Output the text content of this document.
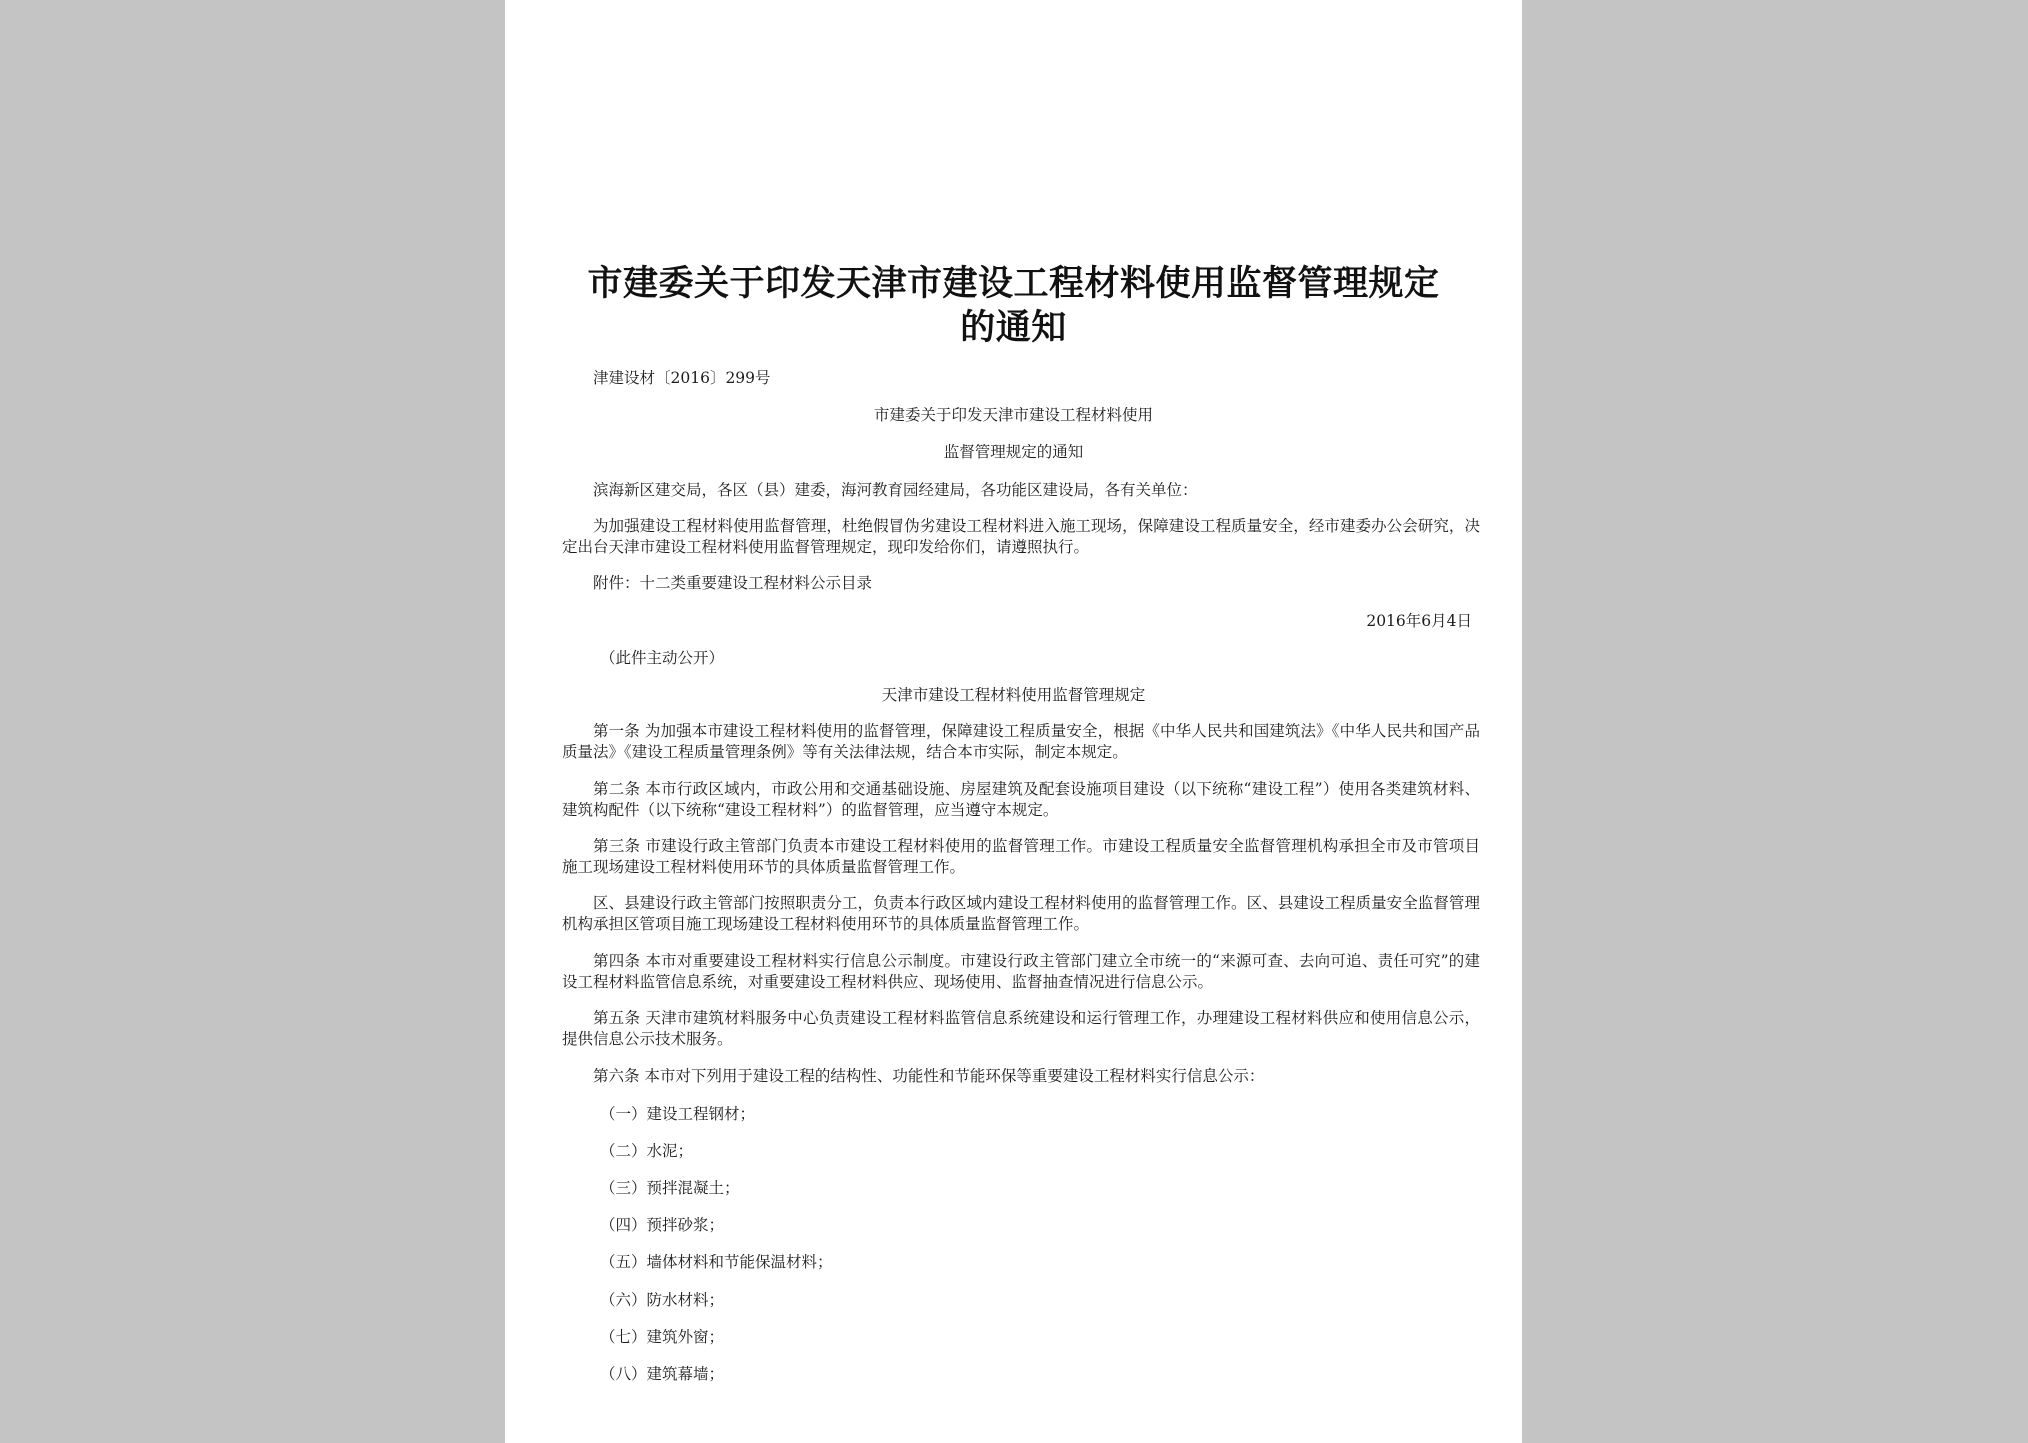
市建委关于印发天津市建设工程材料使用监督管理规定
的通知

津建设材〔2016〕299号

市建委关于印发天津市建设工程材料使用

监督管理规定的通知

滨海新区建交局，各区（县）建委，海河教育园经建局，各功能区建设局，各有关单位：

为加强建设工程材料使用监督管理，杜绝假冒伪劣建设工程材料进入施工现场，保障建设工程质量安全，经市建委办公会研究，决定出台天津市建设工程材料使用监督管理规定，现印发给你们，请遵照执行。

附件：十二类重要建设工程材料公示目录

2016年6月4日

（此件主动公开）

天津市建设工程材料使用监督管理规定

第一条 为加强本市建设工程材料使用的监督管理，保障建设工程质量安全，根据《中华人民共和国建筑法》《中华人民共和国产品质量法》《建设工程质量管理条例》等有关法律法规，结合本市实际，制定本规定。

第二条 本市行政区域内，市政公用和交通基础设施、房屋建筑及配套设施项目建设（以下统称“建设工程”）使用各类建筑材料、建筑构配件（以下统称“建设工程材料”）的监督管理，应当遵守本规定。

第三条 市建设行政主管部门负责本市建设工程材料使用的监督管理工作。市建设工程质量安全监督管理机构承担全市及市管项目施工现场建设工程材料使用环节的具体质量监督管理工作。

区、县建设行政主管部门按照职责分工，负责本行政区域内建设工程材料使用的监督管理工作。区、县建设工程质量安全监督管理机构承担区管项目施工现场建设工程材料使用环节的具体质量监督管理工作。

第四条 本市对重要建设工程材料实行信息公示制度。市建设行政主管部门建立全市统一的“来源可查、去向可追、责任可究”的建设工程材料监管信息系统，对重要建设工程材料供应、现场使用、监督抽查情况进行信息公示。

第五条 天津市建筑材料服务中心负责建设工程材料监管信息系统建设和运行管理工作，办理建设工程材料供应和使用信息公示，提供信息公示技术服务。

第六条 本市对下列用于建设工程的结构性、功能性和节能环保等重要建设工程材料实行信息公示：

（一）建设工程钢材；

（二）水泥；

（三）预拌混凝土；

（四）预拌砂浆；

（五）墙体材料和节能保温材料；

（六）防水材料；

（七）建筑外窗；

（八）建筑幕墙；
